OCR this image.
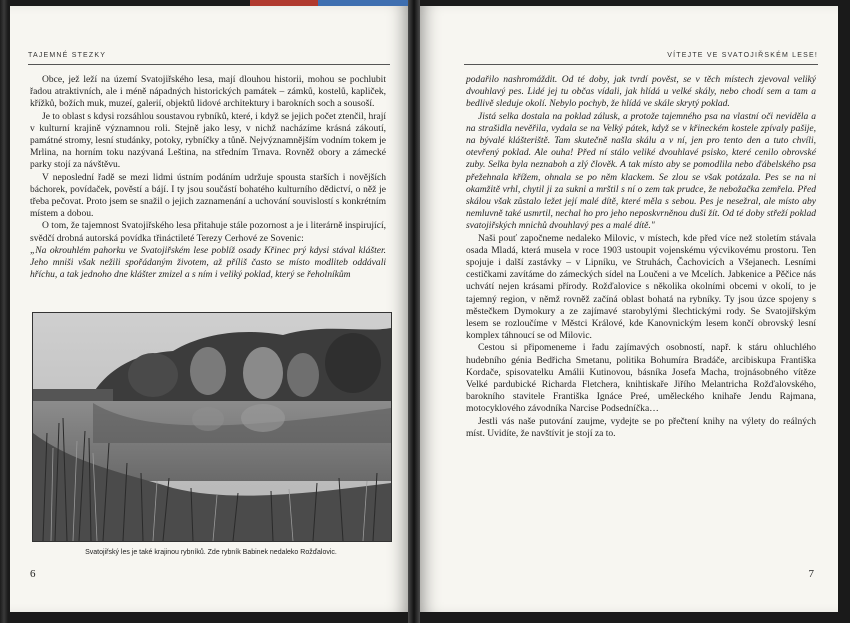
TAJEMNÉ STEZKY

Obce, jež leží na území Svatojiřského lesa, mají dlouhou historii, mohou se pochlubit řadou atraktivních, ale i méně nápadných historických památek – zámků, kostelů, kapliček, křížků, božích muk, muzeí, galerií, objektů lidové architektury i barokních soch a sousoší.

Je to oblast s kdysi rozsáhlou soustavou rybníků, které, i když se jejich počet ztenčil, hrají v kulturní krajině významnou roli. Stejně jako lesy, v nichž nacházíme krásná zákoutí, památné stromy, lesní studánky, potoky, rybníčky a tůně. Nejvýznamnějším vodním tokem je Mrlina, na horním toku nazývaná Leština, na středním Trnava. Rovněž obory a zámecké parky stojí za návštěvu.

V neposlední řadě se mezi lidmi ústním podáním udržuje spousta starších i novějších báchorek, povídaček, pověstí a bájí. I ty jsou součástí bohatého kulturního dědictví, o něž je třeba pečovat. Proto jsem se snažil o jejich zaznamenání a uchování souvislostí s konkrétním místem a dobou.

O tom, že tajemnost Svatojiřského lesa přitahuje stále pozornost a je i literárně inspirující, svědčí drobná autorská povídka třináctileté Terezy Cerhové ze Sovenic:

„Na okrouhlém pahorku ve Svatojiřském lese poblíž osady Křinec prý kdysi stával klášter. Jeho mniši však nežili spořádaným životem, až příliš často se místo modliteb oddávali hříchu, a tak jednoho dne klášter zmizel a s ním i veliký poklad, který se řeholníkům

Svatojiřský les je také krajinou rybníků. Zde rybník Babinek nedaleko Rožďalovic.
6
VÍTEJTE VE SVATOJIŘSKÉM LESE!

podařilo nashromáždit. Od té doby, jak tvrdí pověst, se v těch místech zjevoval veliký dvouhlavý pes. Lidé jej tu občas vídali, jak hlídá u velké skály, nebo chodí sem a tam a bedlivě sleduje okolí. Nebylo pochyb, že hlídá ve skále skrytý poklad.

Jistá selka dostala na poklad zálusk, a protože tajemného psa na vlastní oči neviděla a na strašidla nevěřila, vydala se na Velký pátek, když se v křineckém kostele zpívaly pašije, na bývalé klášteriště. Tam skutečně našla skálu a v ní, jen pro tento den a tuto chvíli, otevřený poklad. Ale ouha! Před ní stálo veliké dvouhlavé psisko, které cenilo obrovské zuby. Selka byla neznaboh a zlý člověk. A tak místo aby se pomodlila nebo ďábelského psa přežehnala křížem, ohnala se po něm klackem. Se zlou se však potázala. Pes se na ni okamžitě vrhl, chytil ji za sukni a mrštil s ní o zem tak prudce, že nebožačka zemřela. Před skálou však zůstalo ležet její malé dítě, které měla s sebou. Pes je nesežral, ale místo aby nemluvně také usmrtil, nechal ho pro jeho neposkvrněnou duši žít. Od té doby střeží poklad svatojiřských mnichů dvouhlavý pes a malé dítě."

Naši pouť započneme nedaleko Milovic, v místech, kde před více než stoletím stávala osada Mladá, která musela v roce 1903 ustoupit vojenskému výcvikovému prostoru. Ten spojuje i další zastávky – v Lipníku, ve Struhách, Čachovicích a Všejanech. Lesními cestičkami zavítáme do zámeckých sídel na Loučeni a ve Mcelích. Jabkenice a Pěčice nás uchvátí nejen krásami přírody. Rožďalovice s několika okolními obcemi v okolí, to je tajemný region, v němž rovněž začíná oblast bohatá na rybníky. Ty jsou úzce spojeny s městečkem Dymokury a ze zajímavé starobylými šlechtickými rody. Se Svatojiřským lesem se rozloučíme v Městci Králové, kde Kanovnickým lesem končí obrovský lesní komplex táhnoucí se od Milovic.

Cestou si připomeneme i řadu zajímavých osobností, např. k stáru ohluchlého hudebního génia Bedřicha Smetanu, politika Bohumíra Bradáče, arcibiskupa Františka Kordače, spisovatelku Amálii Kutinovou, básníka Josefa Macha, trojnásobného vítěze Velké pardubické Richarda Fletchera, knihtiskaře Jiřího Melantricha Rožďalovského, barokního stavitele Františka Ignáce Preé, uměleckého knihaře Jendu Rajmana, motocyklového závodníka Narcise Podsedníčka…

Jestli vás naše putování zaujme, vydejte se po přečtení knihy na výlety do reálných míst. Uvidíte, že navštívit je stojí za to.

7
